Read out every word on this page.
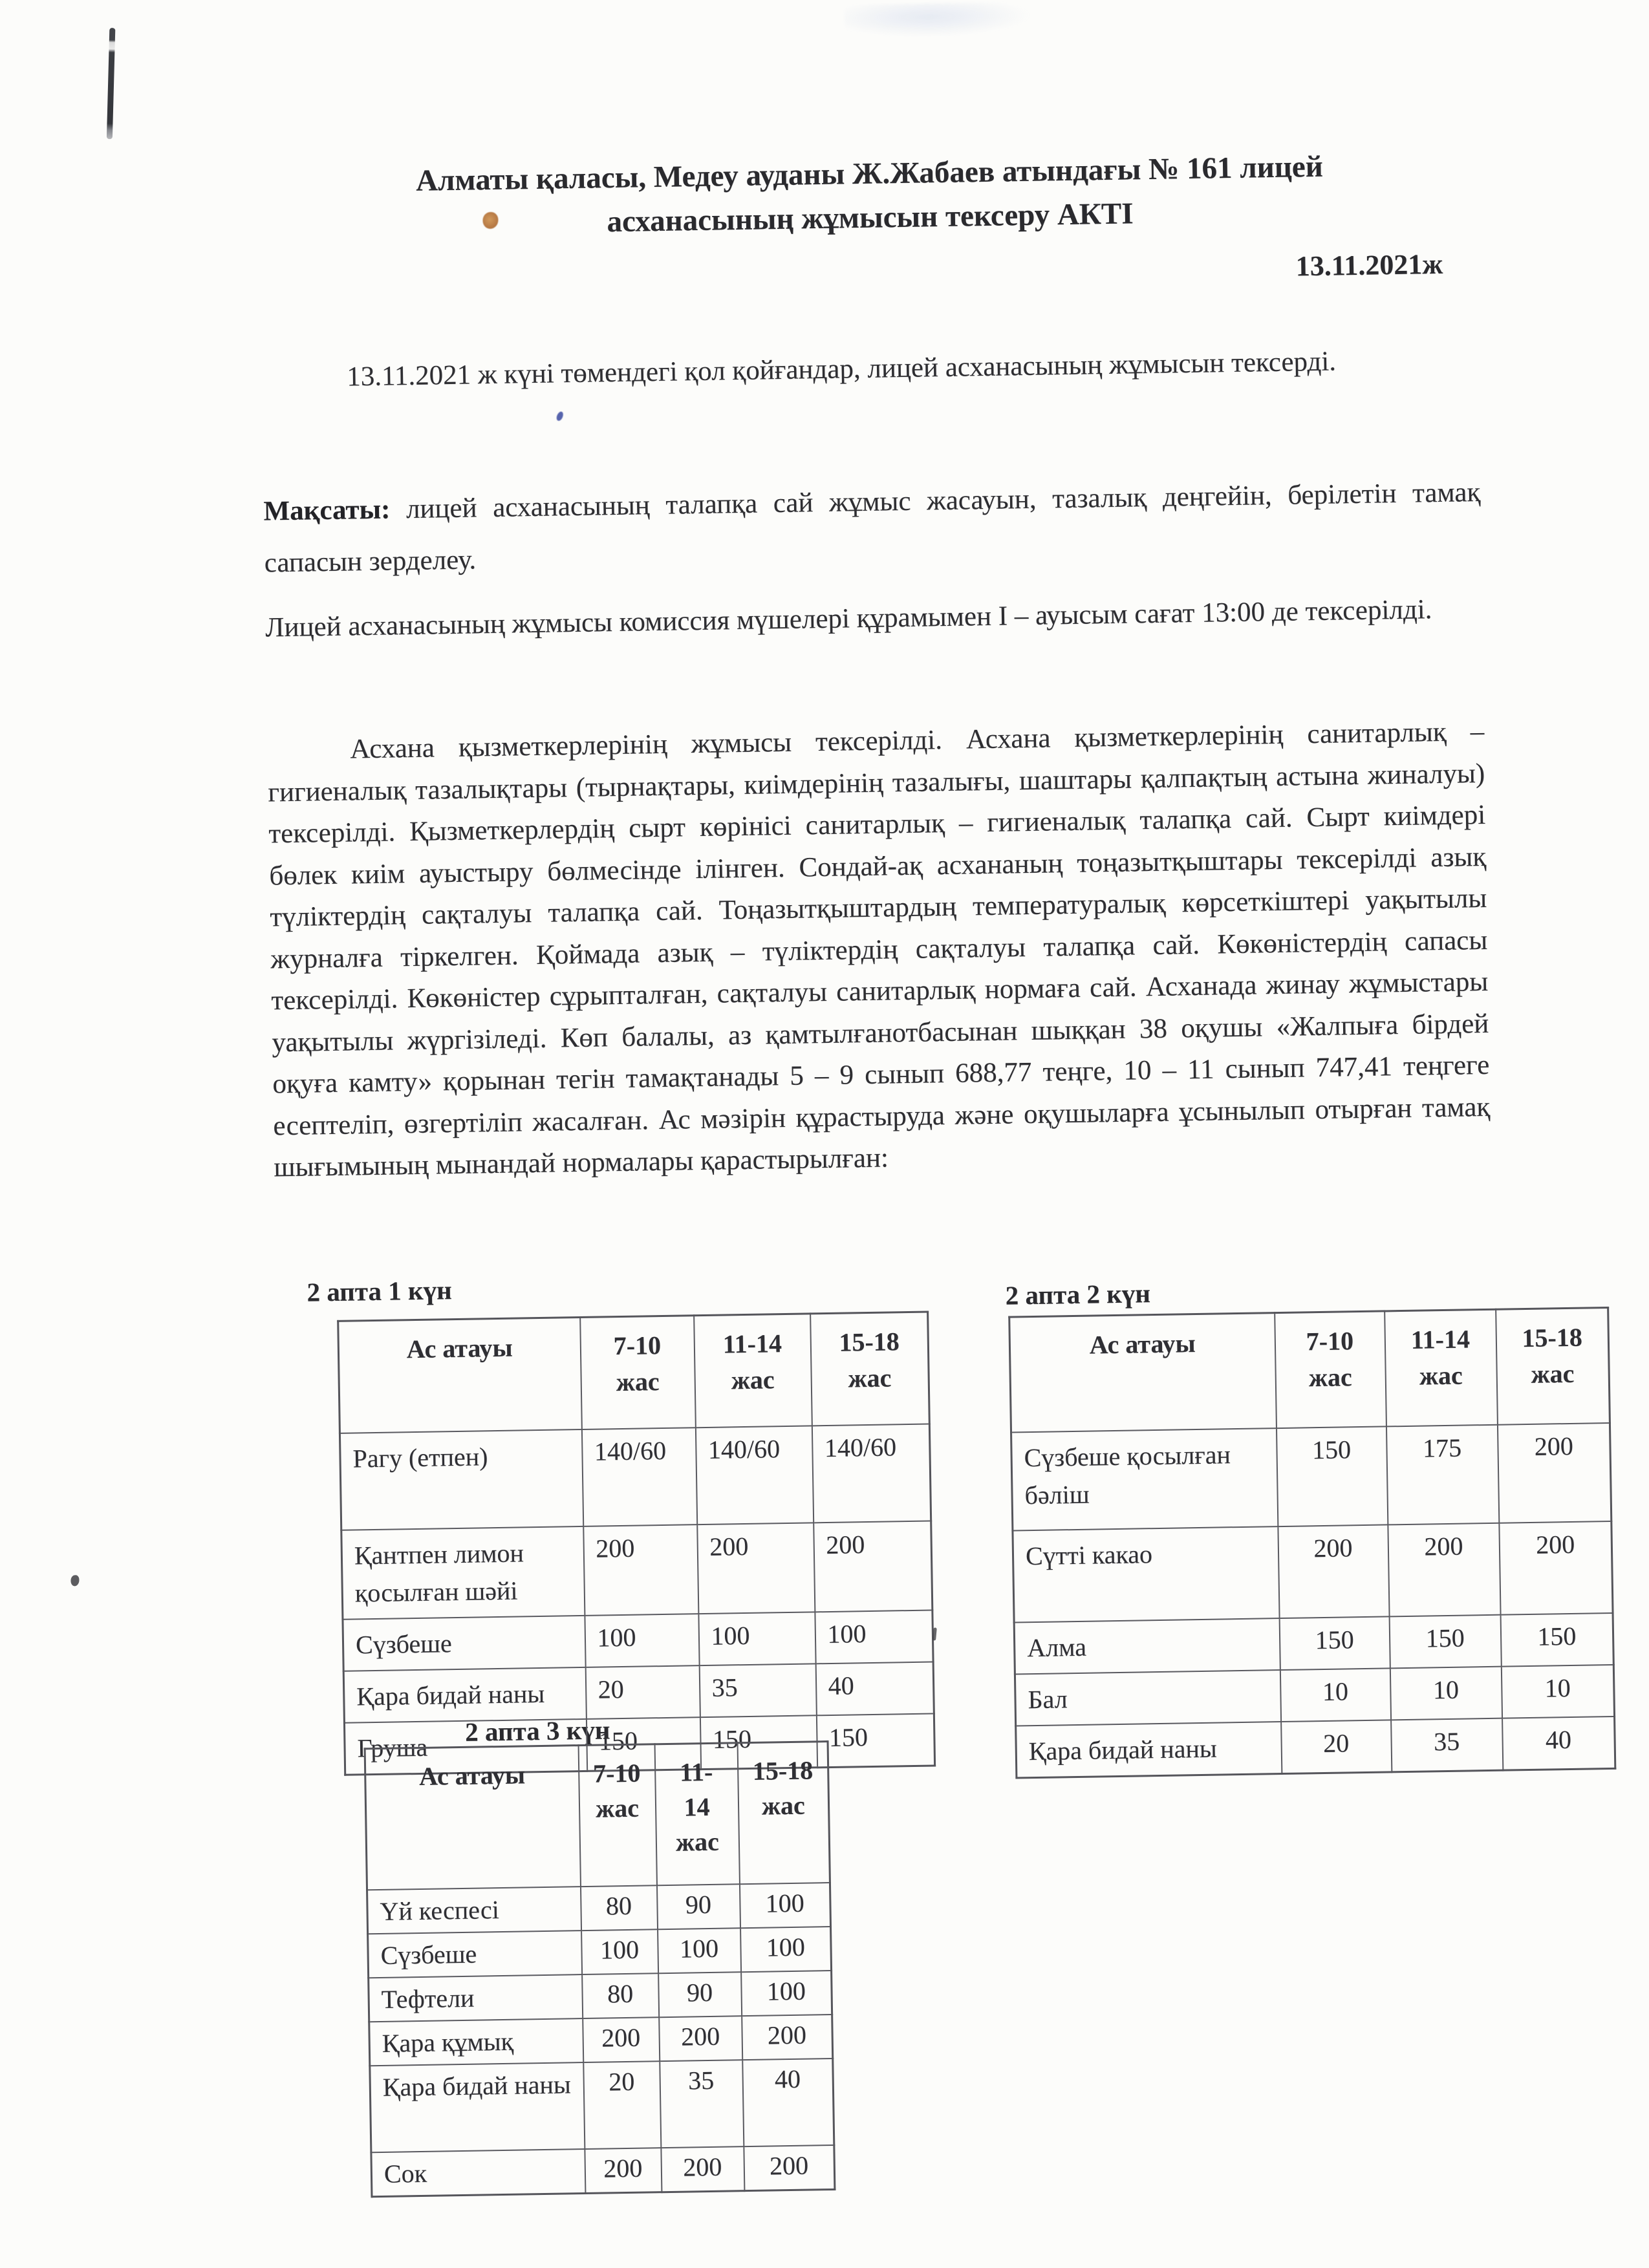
Алматы қаласы, Медеу ауданы Ж.Жабаев атындағы № 161 лицей
асханасының жұмысын тексеру АКТІ
13.11.2021ж
13.11.2021 ж күні төмендегі қол қойғандар, лицей асханасының жұмысын тексерді.
Мақсаты: лицей асханасының талапқа сай жұмыс жасауын, тазалық деңгейін, берілетін тамақ сапасын зерделеу.
Лицей асханасының жұмысы комиссия мүшелері құрамымен І – ауысым сағат 13:00 де тексерілді.
Асхана қызметкерлерінің жұмысы тексерілді. Асхана қызметкерлерінің санитарлық – гигиеналық тазалықтары (тырнақтары, киімдерінің тазалығы, шаштары қалпақтың астына жиналуы) тексерілді. Қызметкерлердің сырт көрінісі санитарлық – гигиеналық талапқа сай. Сырт киімдері бөлек киім ауыстыру бөлмесінде ілінген. Сондай-ақ асхананың тоңазытқыштары тексерілді азық түліктердің сақталуы талапқа сай. Тоңазытқыштардың температуралық көрсеткіштері уақытылы журналға тіркелген. Қоймада азық – түліктердің сақталуы талапқа сай. Көкөністердің сапасы тексерілді. Көкөністер сұрыпталған, сақталуы санитарлық нормаға сай. Асханада жинау жұмыстары уақытылы жүргізіледі. Көп балалы, аз қамтылғанотбасынан шыққан 38 оқушы «Жалпыға бірдей оқуға камту» қорынан тегін тамақтанады 5 – 9 сынып 688,77 теңге, 10 – 11 сынып 747,41 теңгеге есептеліп, өзгертіліп жасалған. Ас мәзірін құрастыруда және оқушыларға ұсынылып отырған тамақ шығымының мынандай нормалары қарастырылған:
2 апта 1 күн	2 апта 2 күн
2 апта 3 күн
Ас атауы	7-10 жас	11-14 жас	15-18 жас
Рагу (етпен)	140/60	140/60	140/60
Қантпен лимон қосылған шәйі	200	200	200
Сүзбеше	100	100	100
Қара бидай наны	20	35	40
Груша	150	150	150
Ас атауы	7-10 жас	11-14 жас	15-18 жас
Сүзбеше қосылған бәліш	150	175	200
Сүтті какао	200	200	200
Алма	150	150	150
Бал	10	10	10
Қара бидай наны	20	35	40
Ас атауы	7-10 жас	11-14 жас	15-18 жас
Үй кеспесі	80	90	100
Сүзбеше	100	100	100
Тефтели	80	90	100
Қара құмық	200	200	200
Қара бидай наны	20	35	40
Сок	200	200	200
